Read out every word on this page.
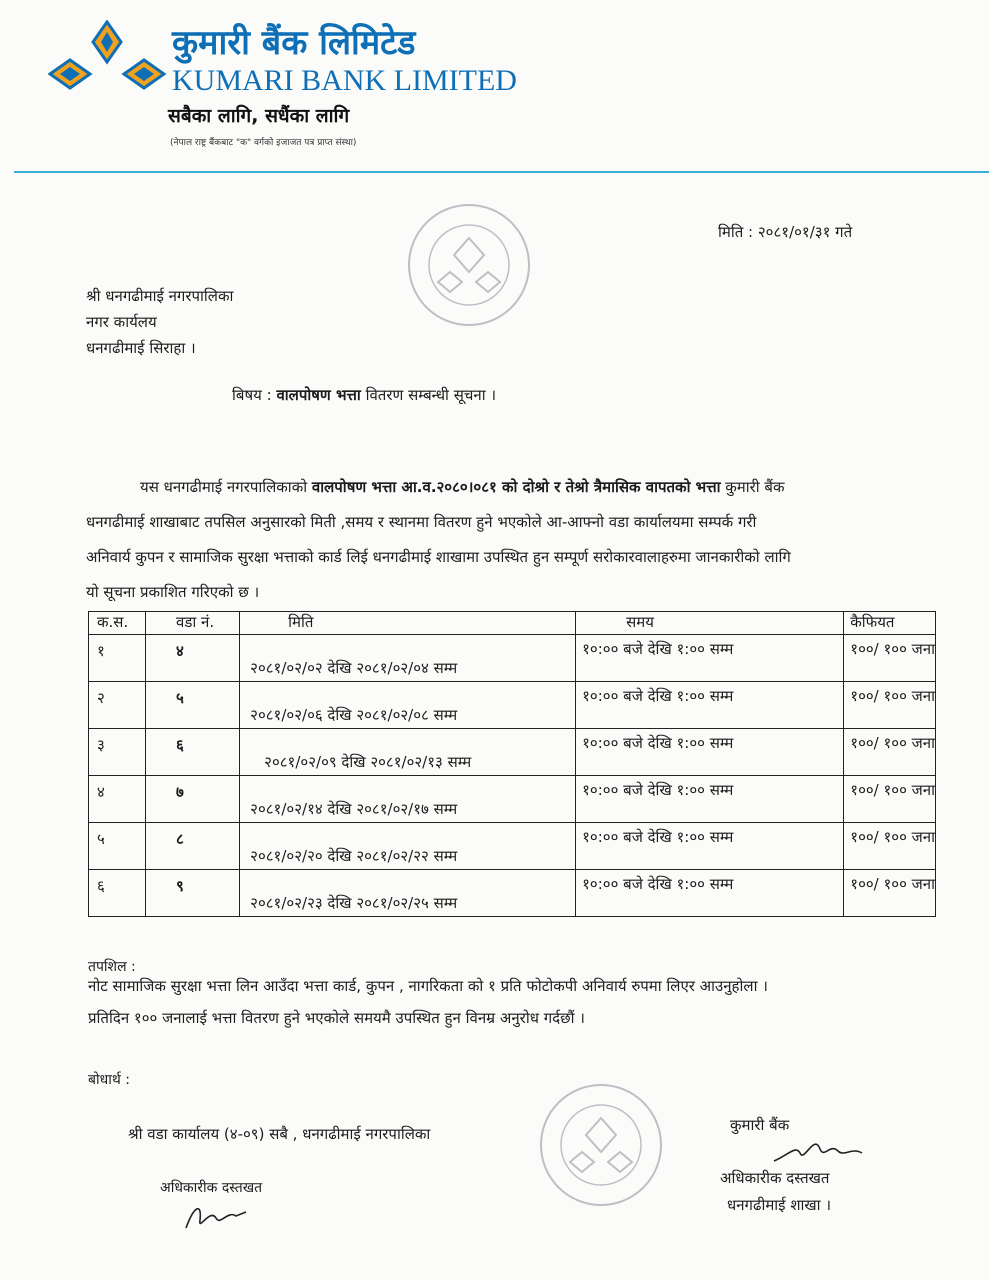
कुमारी बैंक लिमिटेड
KUMARI BANK LIMITED
सबैका लागि, सधैंका लागि
(नेपाल राष्ट्र बैंकबाट "क" वर्गको इजाजत पत्र प्राप्त संस्था)
मिति : २०८१/०१/३१ गते
श्री धनगढीमाई नगरपालिका
नगर कार्यलय
धनगढीमाई सिराहा ।
बिषय : वालपोषण भत्ता वितरण सम्बन्धी सूचना ।
यस धनगढीमाई नगरपालिकाको वालपोषण भत्ता आ.व.२०८०।०८१ को दोश्रो र तेश्रो त्रैमासिक वापतको भत्ता कुमारी बैंक
धनगढीमाई शाखाबाट तपसिल अनुसारको मिती ,समय र स्थानमा वितरण हुने भएकोले आ-आफ्नो वडा कार्यालयमा सम्पर्क गरी
अनिवार्य कुपन र सामाजिक सुरक्षा भत्ताको कार्ड लिई धनगढीमाई शाखामा उपस्थित हुन सम्पूर्ण सरोकारवालाहरुमा जानकारीको लागि
यो सूचना प्रकाशित गरिएको छ ।
क.स.	वडा नं.	मिति	समय	कैफियत

१	४	२०८१/०२/०२ देखि २०८१/०२/०४ सम्म	१०:०० बजे देखि १:०० सम्म	१००/ १०० जना

२	५	२०८१/०२/०६ देखि २०८१/०२/०८ सम्म	१०:०० बजे देखि १:०० सम्म	१००/ १०० जना

३	६	२०८१/०२/०९ देखि २०८१/०२/१३ सम्म	१०:०० बजे देखि १:०० सम्म	१००/ १०० जना

४	७	२०८१/०२/१४ देखि २०८१/०२/१७ सम्म	१०:०० बजे देखि १:०० सम्म	१००/ १०० जना

५	८	२०८१/०२/२० देखि २०८१/०२/२२ सम्म	१०:०० बजे देखि १:०० सम्म	१००/ १०० जना

६	९	२०८१/०२/२३ देखि २०८१/०२/२५ सम्म	१०:०० बजे देखि १:०० सम्म	१००/ १०० जना
तपशिल :
नोट सामाजिक सुरक्षा भत्ता लिन आउँदा भत्ता कार्ड, कुपन , नागरिकता को १ प्रति फोटोकपी अनिवार्य रुपमा लिएर आउनुहोला ।
प्रतिदिन १०० जनालाई भत्ता वितरण हुने भएकोले समयमै उपस्थित हुन विनम्र अनुरोध गर्दछौं ।
बोधार्थ :
श्री वडा कार्यालय (४-०९) सबै , धनगढीमाई नगरपालिका
अधिकारीक दस्तखत
कुमारी बैंक
अधिकारीक दस्तखत
धनगढीमाई शाखा ।
